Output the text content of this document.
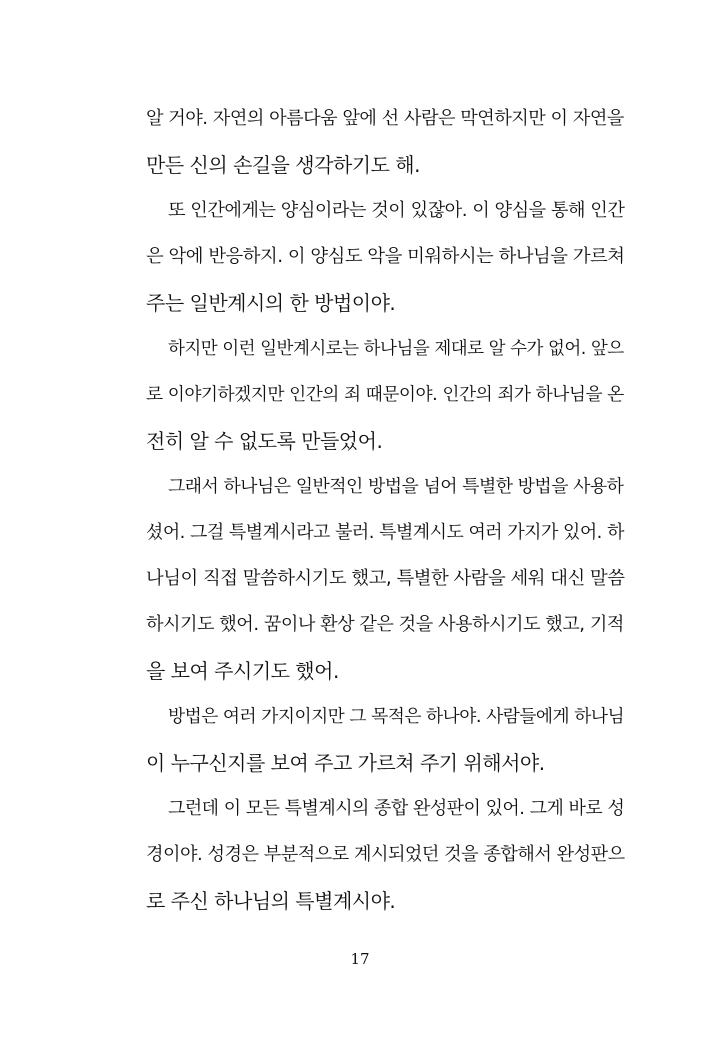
알 거야. 자연의 아름다움 앞에 선 사람은 막연하지만 이 자연을
만든 신의 손길을 생각하기도 해.
또 인간에게는 양심이라는 것이 있잖아. 이 양심을 통해 인간
은 악에 반응하지. 이 양심도 악을 미워하시는 하나님을 가르쳐
주는 일반계시의 한 방법이야.
하지만 이런 일반계시로는 하나님을 제대로 알 수가 없어. 앞으
로 이야기하겠지만 인간의 죄 때문이야. 인간의 죄가 하나님을 온
전히 알 수 없도록 만들었어.
그래서 하나님은 일반적인 방법을 넘어 특별한 방법을 사용하
셨어. 그걸 특별계시라고 불러. 특별계시도 여러 가지가 있어. 하
나님이 직접 말씀하시기도 했고, 특별한 사람을 세워 대신 말씀
하시기도 했어. 꿈이나 환상 같은 것을 사용하시기도 했고, 기적
을 보여 주시기도 했어.
방법은 여러 가지이지만 그 목적은 하나야. 사람들에게 하나님
이 누구신지를 보여 주고 가르쳐 주기 위해서야.
그런데 이 모든 특별계시의 종합 완성판이 있어. 그게 바로 성
경이야. 성경은 부분적으로 계시되었던 것을 종합해서 완성판으
로 주신 하나님의 특별계시야.
17
